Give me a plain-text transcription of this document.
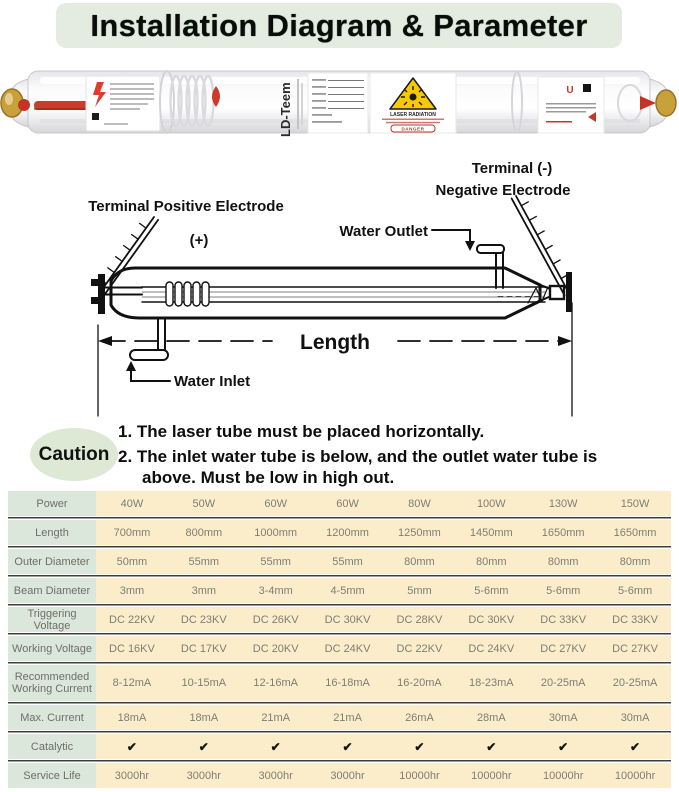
Installation Diagram & Parameter
LD-Teem	LASER RADIATION
DANGER
U
Terminal (-)
Negative Electrode
Terminal Positive Electrode
(+)
Water Outlet
Length
Water Inlet
Caution
1. The laser tube must be placed horizontally.
2. The inlet water tube is below, and the outlet water tube is above. Must be low in high out.
Power	40W	50W	60W	60W	80W	100W	130W	150W
Length	700mm	800mm	1000mm	1200mm	1250mm	1450mm	1650mm	1650mm
Outer Diameter	50mm	55mm	55mm	55mm	80mm	80mm	80mm	80mm
Beam Diameter	3mm	3mm	3-4mm	4-5mm	5mm	5-6mm	5-6mm	5-6mm
Triggering Voltage	DC 22KV	DC 23KV	DC 26KV	DC 30KV	DC 28KV	DC 30KV	DC 33KV	DC 33KV
Working Voltage	DC 16KV	DC 17KV	DC 20KV	DC 24KV	DC 22KV	DC 24KV	DC 27KV	DC 27KV
Recommended Working Current	8-12mA	10-15mA	12-16mA	16-18mA	16-20mA	18-23mA	20-25mA	20-25mA
Max. Current	18mA	18mA	21mA	21mA	26mA	28mA	30mA	30mA
Catalytic	✔	✔	✔	✔	✔	✔	✔	✔
Service Life	3000hr	3000hr	3000hr	3000hr	10000hr	10000hr	10000hr	10000hr
